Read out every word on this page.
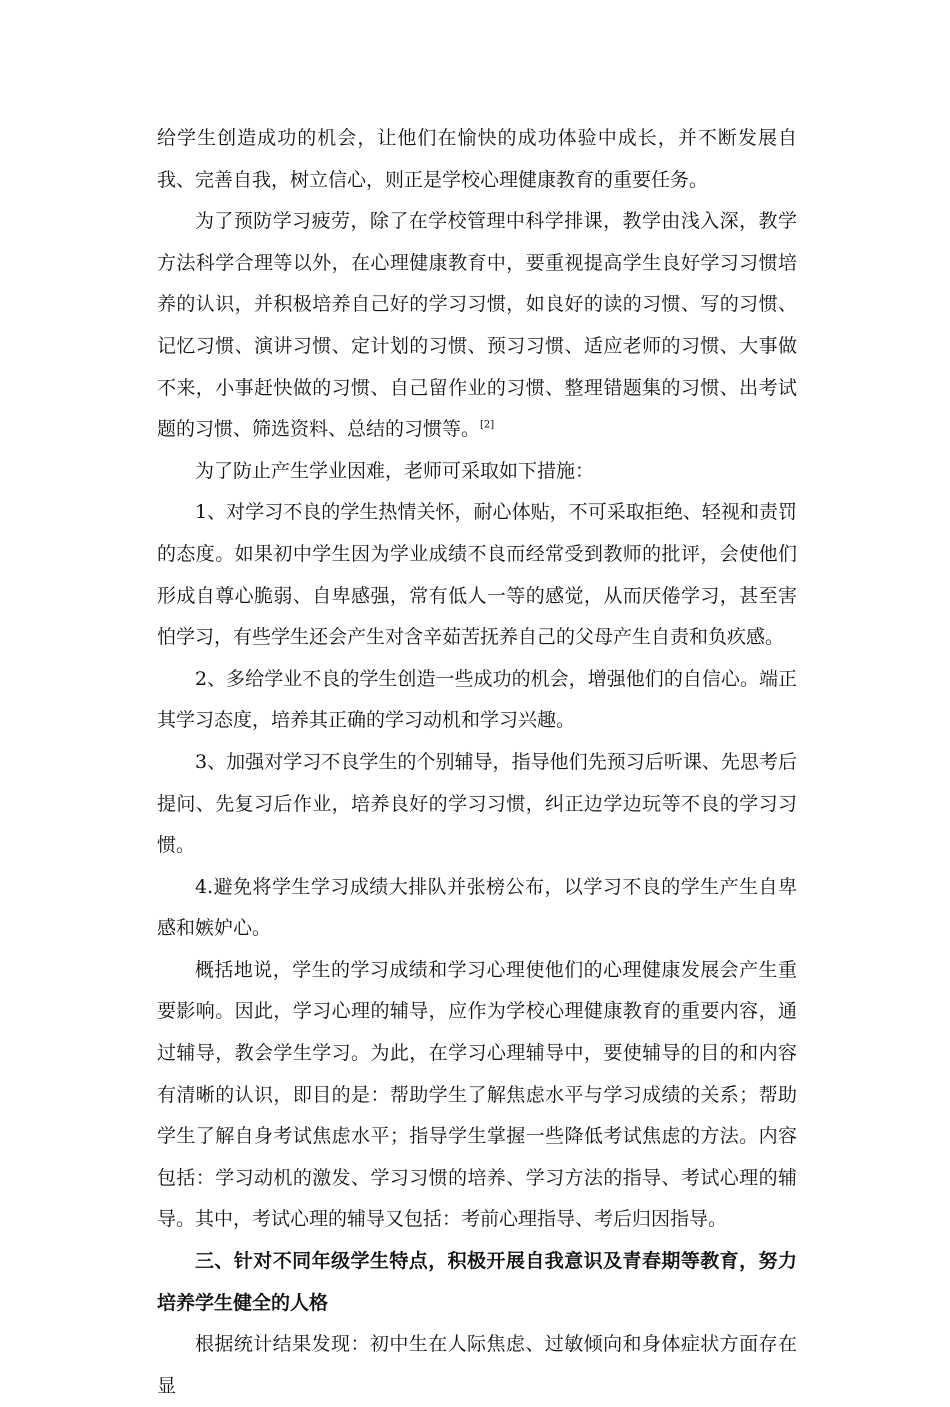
给学生创造成功的机会，让他们在愉快的成功体验中成长，并不断发展自我、完善自我，树立信心，则正是学校心理健康教育的重要任务。

为了预防学习疲劳，除了在学校管理中科学排课，教学由浅入深，教学方法科学合理等以外，在心理健康教育中，要重视提高学生良好学习习惯培养的认识，并积极培养自己好的学习习惯，如良好的读的习惯、写的习惯、记忆习惯、演讲习惯、定计划的习惯、预习习惯、适应老师的习惯、大事做不来，小事赶快做的习惯、自己留作业的习惯、整理错题集的习惯、出考试题的习惯、筛选资料、总结的习惯等。[2]

为了防止产生学业因难，老师可采取如下措施：

1、对学习不良的学生热情关怀，耐心体贴，不可采取拒绝、轻视和责罚的态度。如果初中学生因为学业成绩不良而经常受到教师的批评，会使他们形成自尊心脆弱、自卑感强，常有低人一等的感觉，从而厌倦学习，甚至害怕学习，有些学生还会产生对含辛茹苦抚养自己的父母产生自责和负疚感。

2、多给学业不良的学生创造一些成功的机会，增强他们的自信心。端正其学习态度，培养其正确的学习动机和学习兴趣。

3、加强对学习不良学生的个别辅导，指导他们先预习后听课、先思考后提问、先复习后作业，培养良好的学习习惯，纠正边学边玩等不良的学习习惯。

4.避免将学生学习成绩大排队并张榜公布，以学习不良的学生产生自卑感和嫉妒心。

概括地说，学生的学习成绩和学习心理使他们的心理健康发展会产生重要影响。因此，学习心理的辅导，应作为学校心理健康教育的重要内容，通过辅导，教会学生学习。为此，在学习心理辅导中，要使辅导的目的和内容有清晰的认识，即目的是：帮助学生了解焦虑水平与学习成绩的关系；帮助学生了解自身考试焦虑水平；指导学生掌握一些降低考试焦虑的方法。内容包括：学习动机的激发、学习习惯的培养、学习方法的指导、考试心理的辅导。其中，考试心理的辅导又包括：考前心理指导、考后归因指导。

三、针对不同年级学生特点，积极开展自我意识及青春期等教育，努力培养学生健全的人格

根据统计结果发现：初中生在人际焦虑、过敏倾向和身体症状方面存在显
